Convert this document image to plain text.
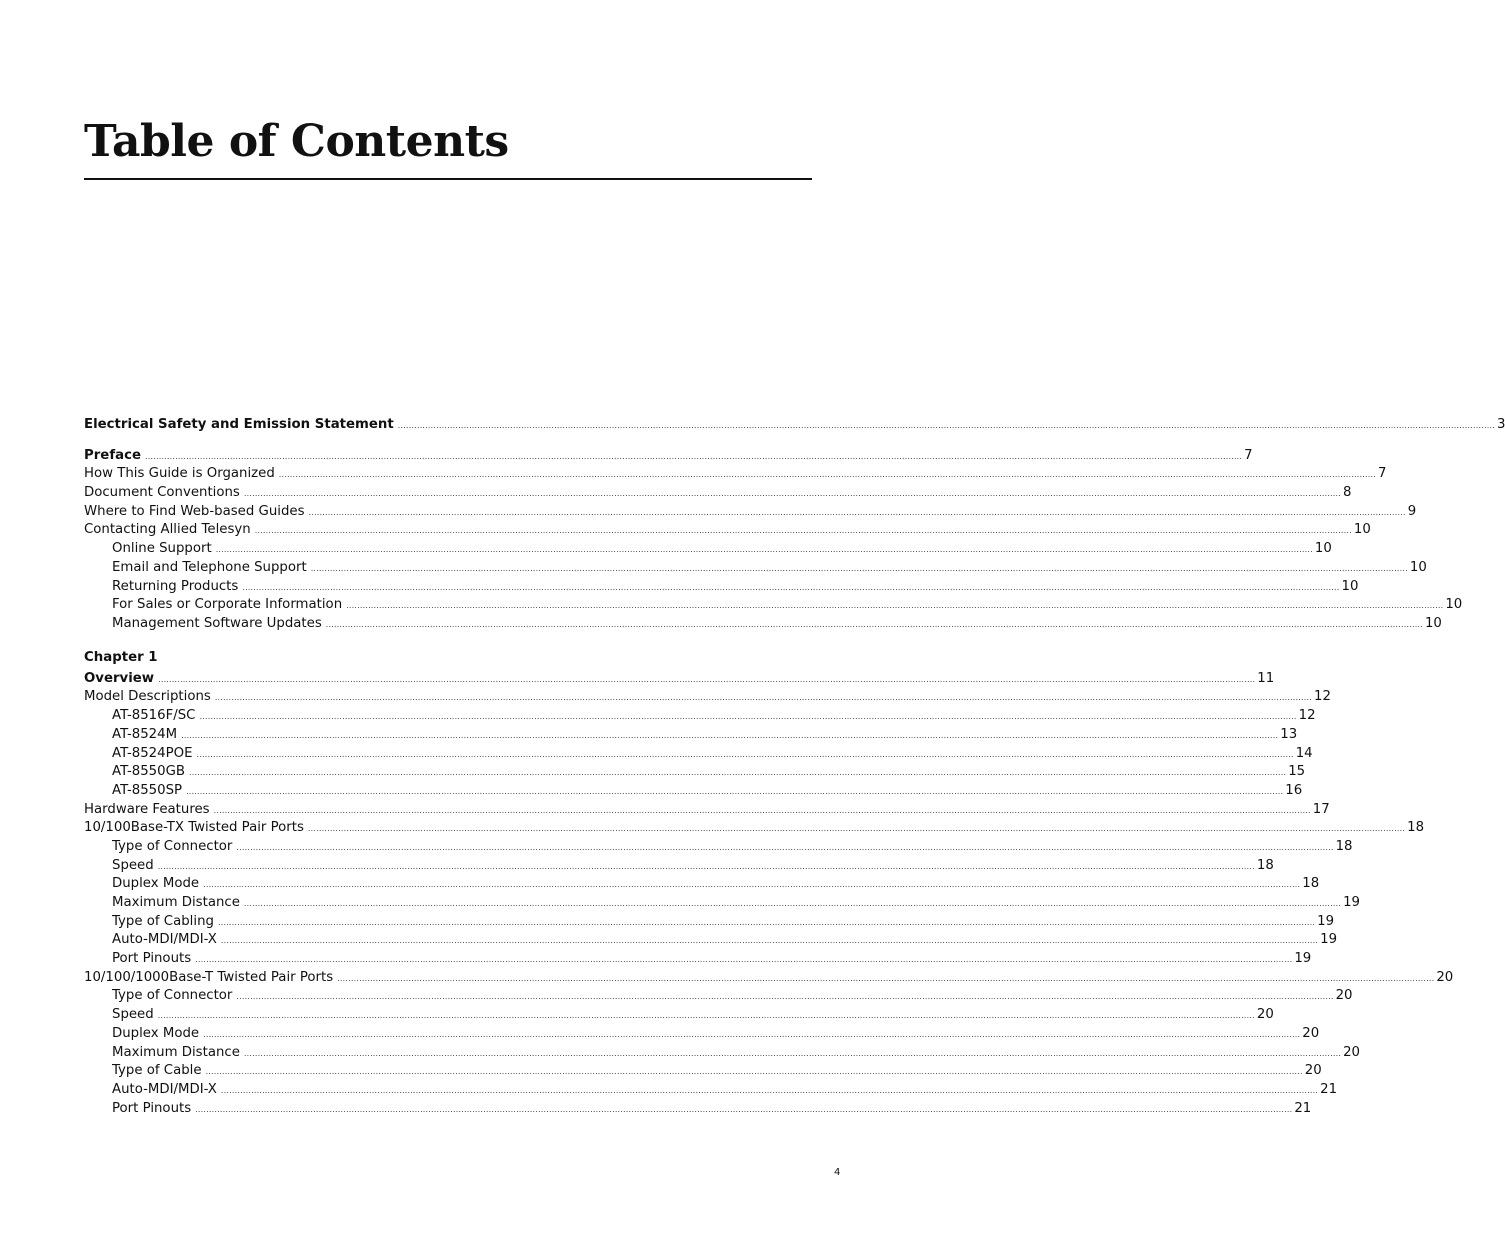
Table of Contents
Electrical Safety and Emission Statement ................................................................................................................................................................................................................................................................................................................................................................................................................ 3
Preface ................................................................................................................................................................................................................................................................................................................................................................................................................ 7
How This Guide is Organized ................................................................................................................................................................................................................................................................................................................................................................................................................ 7
Document Conventions ................................................................................................................................................................................................................................................................................................................................................................................................................ 8
Where to Find Web-based Guides ................................................................................................................................................................................................................................................................................................................................................................................................................ 9
Contacting Allied Telesyn ................................................................................................................................................................................................................................................................................................................................................................................................................ 10
Online Support ................................................................................................................................................................................................................................................................................................................................................................................................................ 10
Email and Telephone Support ................................................................................................................................................................................................................................................................................................................................................................................................................ 10
Returning Products ................................................................................................................................................................................................................................................................................................................................................................................................................ 10
For Sales or Corporate Information ................................................................................................................................................................................................................................................................................................................................................................................................................ 10
Management Software Updates ................................................................................................................................................................................................................................................................................................................................................................................................................ 10
Chapter 1
Overview ................................................................................................................................................................................................................................................................................................................................................................................................................ 11
Model Descriptions ................................................................................................................................................................................................................................................................................................................................................................................................................ 12
AT-8516F/SC ................................................................................................................................................................................................................................................................................................................................................................................................................ 12
AT-8524M ................................................................................................................................................................................................................................................................................................................................................................................................................ 13
AT-8524POE ................................................................................................................................................................................................................................................................................................................................................................................................................ 14
AT-8550GB ................................................................................................................................................................................................................................................................................................................................................................................................................ 15
AT-8550SP ................................................................................................................................................................................................................................................................................................................................................................................................................ 16
Hardware Features ................................................................................................................................................................................................................................................................................................................................................................................................................ 17
10/100Base-TX Twisted Pair Ports ................................................................................................................................................................................................................................................................................................................................................................................................................ 18
Type of Connector ................................................................................................................................................................................................................................................................................................................................................................................................................ 18
Speed ................................................................................................................................................................................................................................................................................................................................................................................................................ 18
Duplex Mode ................................................................................................................................................................................................................................................................................................................................................................................................................ 18
Maximum Distance ................................................................................................................................................................................................................................................................................................................................................................................................................ 19
Type of Cabling ................................................................................................................................................................................................................................................................................................................................................................................................................ 19
Auto-MDI/MDI-X ................................................................................................................................................................................................................................................................................................................................................................................................................ 19
Port Pinouts ................................................................................................................................................................................................................................................................................................................................................................................................................ 19
10/100/1000Base-T Twisted Pair Ports ................................................................................................................................................................................................................................................................................................................................................................................................................ 20
Type of Connector ................................................................................................................................................................................................................................................................................................................................................................................................................ 20
Speed ................................................................................................................................................................................................................................................................................................................................................................................................................ 20
Duplex Mode ................................................................................................................................................................................................................................................................................................................................................................................................................ 20
Maximum Distance ................................................................................................................................................................................................................................................................................................................................................................................................................ 20
Type of Cable ................................................................................................................................................................................................................................................................................................................................................................................................................ 20
Auto-MDI/MDI-X ................................................................................................................................................................................................................................................................................................................................................................................................................ 21
Port Pinouts ................................................................................................................................................................................................................................................................................................................................................................................................................ 21
4
